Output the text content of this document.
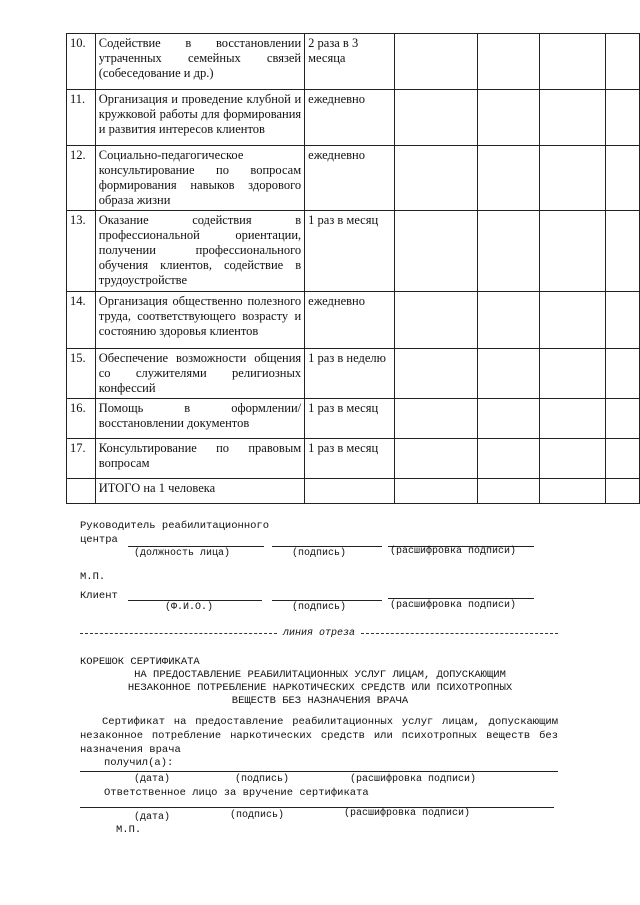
10.	Содействие в восстановлении утраченных семейных связей (собеседование и др.)	2 раза в 3 месяца				
11.	Организация и проведение клубной и кружковой работы для формирования и развития интересов клиентов	ежедневно				
12.	Социально-педагогическое консультирование по вопросам формирования навыков здорового образа жизни	ежедневно				
13.	Оказание содействия в профессиональной ориентации, получении профессионального обучения клиентов, содействие в трудоустройстве	1 раз в месяц				
14.	Организация общественно полезного труда, соответствующего возрасту и состоянию здоровья клиентов	ежедневно				
15.	Обеспечение возможности общения со служителями религиозных конфессий	1 раз в неделю				
16.	Помощь в оформлении/восстановлении документов	1 раз в месяц				
17.	Консультирование по правовым вопросам	1 раз в месяц				
	ИТОГО на 1 человека					
Руководитель реабилитационного
центра
(должность лица)	(подпись)	(расшифровка подписи)
М.П.
Клиент
(Ф.И.О.)	(подпись)	(расшифровка подписи)
линия отреза
КОРЕШОК СЕРТИФИКАТА
НА ПРЕДОСТАВЛЕНИЕ РЕАБИЛИТАЦИОННЫХ УСЛУГ ЛИЦАМ, ДОПУСКАЮЩИМ
НЕЗАКОННОЕ ПОТРЕБЛЕНИЕ НАРКОТИЧЕСКИХ СРЕДСТВ ИЛИ ПСИХОТРОПНЫХ
ВЕЩЕСТВ БЕЗ НАЗНАЧЕНИЯ ВРАЧА
Сертификат на предоставление реабилитационных услуг лицам, допускающим незаконное потребление наркотических средств или психотропных веществ без назначения врача
получил(а):
(дата)	(подпись)	(расшифровка подписи)
Ответственное лицо за вручение сертификата
(дата)	(подпись)	(расшифровка подписи)
М.П.
